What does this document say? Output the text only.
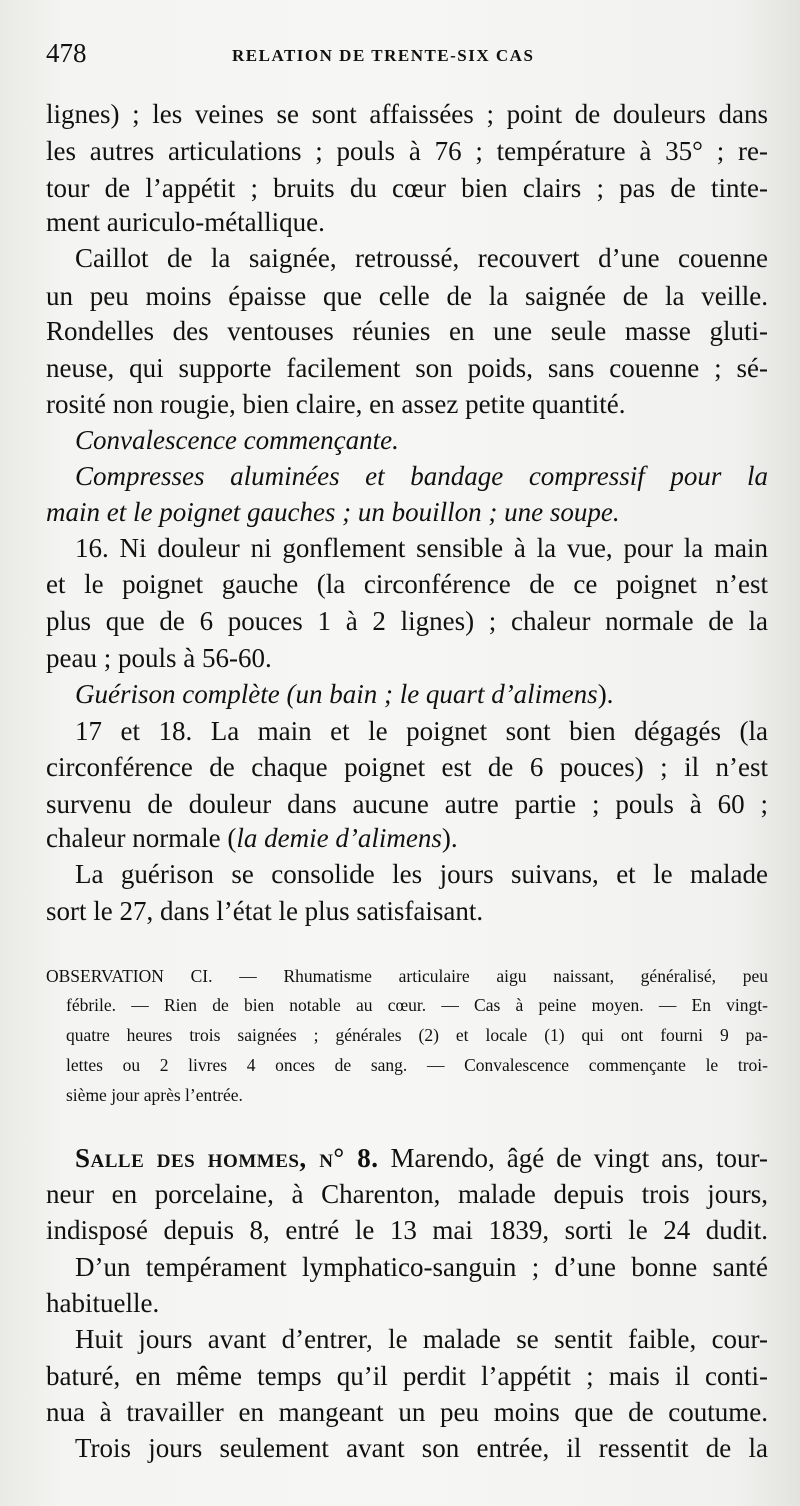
478	RELATION DE TRENTE-SIX CAS
lignes) ; les veines se sont affaissées ; point de douleurs dans
les autres articulations ; pouls à 76 ; température à 35° ; re-
tour de l’appétit ; bruits du cœur bien clairs ; pas de tinte-
ment auriculo-métallique.
Caillot de la saignée, retroussé, recouvert d’une couenne
un peu moins épaisse que celle de la saignée de la veille.
Rondelles des ventouses réunies en une seule masse gluti-
neuse, qui supporte facilement son poids, sans couenne ; sé-
rosité non rougie, bien claire, en assez petite quantité.
Convalescence commençante.
Compresses aluminées et bandage compressif pour la
main et le poignet gauches ; un bouillon ; une soupe.
16. Ni douleur ni gonflement sensible à la vue, pour la main
et le poignet gauche (la circonférence de ce poignet n’est
plus que de 6 pouces 1 à 2 lignes) ; chaleur normale de la
peau ; pouls à 56-60.
Guérison complète (un bain ; le quart d’alimens).
17 et 18. La main et le poignet sont bien dégagés (la
circonférence de chaque poignet est de 6 pouces) ; il n’est
survenu de douleur dans aucune autre partie ; pouls à 60 ;
chaleur normale (la demie d’alimens).
La guérison se consolide les jours suivans, et le malade
sort le 27, dans l’état le plus satisfaisant.
OBSERVATION CI. — Rhumatisme articulaire aigu naissant, généralisé, peu
fébrile. — Rien de bien notable au cœur. — Cas à peine moyen. — En vingt-
quatre heures trois saignées ; générales (2) et locale (1) qui ont fourni 9 pa-
lettes ou 2 livres 4 onces de sang. — Convalescence commençante le troi-
sième jour après l’entrée.
Salle des hommes, n° 8. Marendo, âgé de vingt ans, tour-
neur en porcelaine, à Charenton, malade depuis trois jours,
indisposé depuis 8, entré le 13 mai 1839, sorti le 24 dudit.
D’un tempérament lymphatico-sanguin ; d’une bonne santé
habituelle.
Huit jours avant d’entrer, le malade se sentit faible, cour-
baturé, en même temps qu’il perdit l’appétit ; mais il conti-
nua à travailler en mangeant un peu moins que de coutume.
Trois jours seulement avant son entrée, il ressentit de la
